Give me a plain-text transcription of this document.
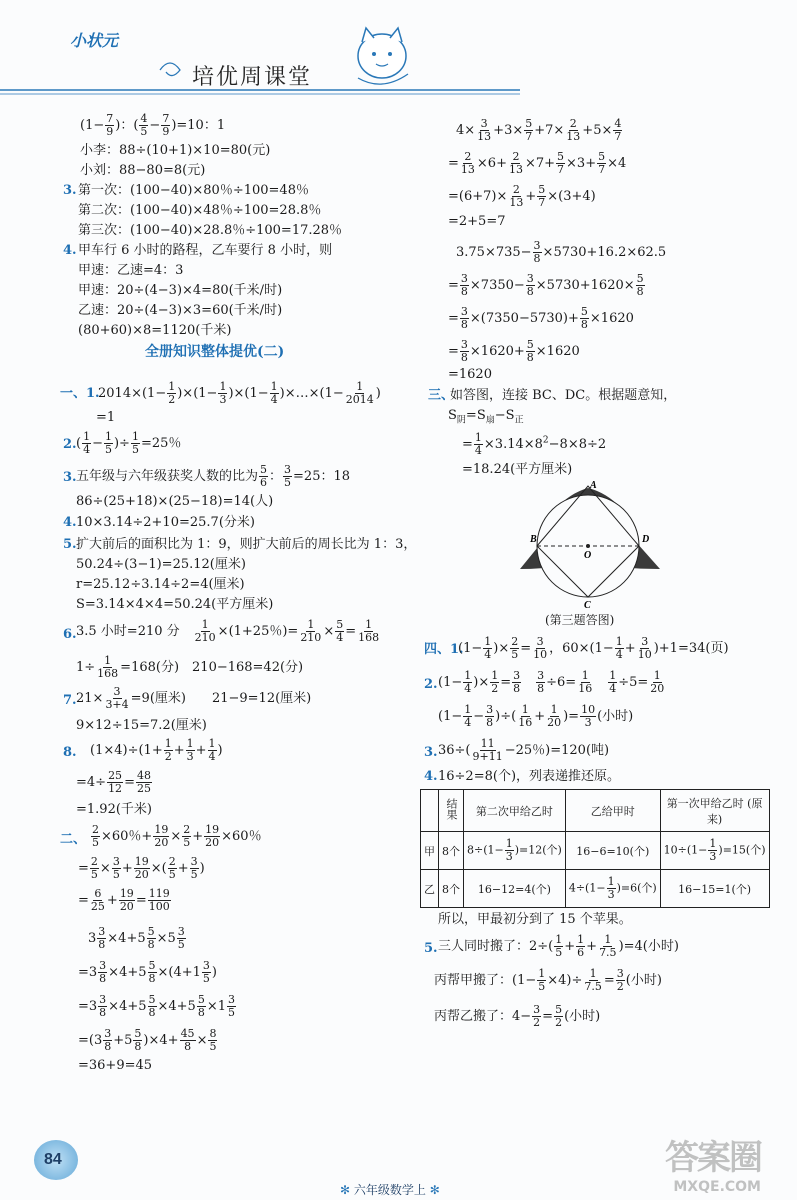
小状元
培优周课堂
($1- \frac{7}{9}$ )：( $\frac{4}{5} - \frac{7}{9} )=10$：1
小李：88÷(10+1)×10=80(元)
小刘：88−80=8(元)
3. 第一次：(100−40)×80％÷100=48％
第二次：(100−40)×48％÷100=28.8％
第三次：(100−40)×28.8％÷100=17.28％
4. 甲车行 6 小时的路程，乙车要行 8 小时，则
甲速：乙速=4：3
甲速：20÷(4−3)×4=80(千米/时)
乙速：20÷(4−3)×3=60(千米/时)
(80+60)×8=1120(千米)
全册知识整体提优(二)
一、1.
$2014\times(1- \frac{1}{2} )\times(1- \frac{1}{3} )\times(1- \frac{1}{4}$ )×…×(1− $\frac{1}{2014}$ )
=1
2. ( $\frac{1}{4} - \frac{1}{5}$ )÷ $\frac{1}{5} =25$％
3. 五年级与六年级获奖人数的比为 $\frac{5}{6}$ ： $\frac{3}{5} =25$：18
86÷(25+18)×(25−18)=14(人)
4. 10×3.14÷2+10=25.7(分米)
5. 扩大前后的面积比为 1：9，则扩大前后的周长比为 1：3，
50.24÷(3−1)=25.12(厘米)
r=25.12÷3.14÷2=4(厘米)
S=3.14×4×4=50.24(平方厘米)
6. 3.5 小时=210 分　 $\frac{1}{210} \times(1+25$％)= $\frac{1}{210} \times \frac{5}{4} = \frac{1}{168}$
$1\div \frac{1}{168} =168$(分)　210−168=42(分)
7. $21\times \frac{3}{3+4} =9$(厘米)　　21−9=12(厘米)
9×12÷15=7.2(厘米)
8. $(1\times 4)\div(1+ \frac{1}{2} + \frac{1}{3} + \frac{1}{4}$ )
$=4\div \frac{25}{12} = \frac{48}{25}$
=1.92(千米)
二、 $\frac{2}{5} \times 60$％+ $\frac{19}{20} \times \frac{2}{5} + \frac{19}{20} \times 60$％
= $\frac{2}{5} \times \frac{3}{5} + \frac{19}{20}$ ×( $\frac{2}{5} + \frac{3}{5}$ )
= $\frac{6}{25} + \frac{19}{20} = \frac{119}{100}$
$3 \frac{3}{8} \times 4+5 \frac{5}{8} \times 5 \frac{3}{5}$
$=3 \frac{3}{8} \times 4+5 \frac{5}{8} \times(4+1 \frac{3}{5}$ )
$=3 \frac{3}{8} \times 4+5 \frac{5}{8} \times 4+5 \frac{5}{8} \times 1 \frac{3}{5}$
$=(3 \frac{3}{8} +5 \frac{5}{8} )\times 4+ \frac{45}{8} \times \frac{8}{5}$
=36+9=45
$4\times \frac{3}{13} +3\times \frac{5}{7} +7\times \frac{2}{13} +5\times \frac{4}{7}$
= $\frac{2}{13} \times 6+ \frac{2}{13} \times 7+ \frac{5}{7} \times 3+ \frac{5}{7} \times 4$
$=(6+7)\times \frac{2}{13} + \frac{5}{7} \times(3+4)$
=2+5=7
$3.75\times 735- \frac{3}{8} \times 5730+16.2\times 62.5$
= $\frac{3}{8} \times 7350- \frac{3}{8} \times 5730+1620\times \frac{5}{8}$
= $\frac{3}{8} \times(7350-5730)+ \frac{5}{8} \times 1620$
= $\frac{3}{8} \times 1620+ \frac{5}{8} \times 1620$
=1620
三、
如答图，连接 BC、DC。根据题意知，
$S_阴=S_扇-S_正$
= $\frac{1}{4} \times 3.14\times 8^2-8\times 8\div 2$
=18.24(平方厘米)
A
B
O
D
C
(第三题答图)
四、1.
($1- \frac{1}{4}$ )× $\frac{2}{5} = \frac{3}{10}$ ，$60\times(1- \frac{1}{4} + \frac{3}{10} )+1=34$(页)
2. ($1- \frac{1}{4}$ )× $\frac{1}{2} = \frac{3}{8}$
　 $\frac{3}{8} \div 6= \frac{1}{16}$
　 $\frac{1}{4} \div 5= \frac{1}{20}$
($1- \frac{1}{4} - \frac{3}{8}$ )÷( $\frac{1}{16} + \frac{1}{20}$ )= $\frac{10}{3}$ (小时)
3. $36\div( \frac{11}{9+11} -25$％)=120(吨)
4. 16÷2=8(个)，列表递推还原。
	结果	第二次甲给乙时	乙给甲时	第一次甲给乙时 (原来)
甲	8个	$8\div(1- \frac{1}{3} )=12$(个)	16−6=10(个)	$10\div(1- \frac{1}{3} )=15$(个)
乙	8个	16−12=4(个)	$4\div(1- \frac{1}{3} )=6$(个)	16−15=1(个)
所以，甲最初分到了 15 个苹果。
5. 三人同时搬了：$2\div( \frac{1}{5} + \frac{1}{6} + \frac{1}{7.5} )=4$(小时)
丙帮甲搬了：$(1- \frac{1}{5} \times 4)\div \frac{1}{7.5} = \frac{3}{2}$ (小时)
丙帮乙搬了：$4- \frac{3}{2} = \frac{5}{2}$ (小时)
84
✻ 六年级数学上 ✻
答案圈
MXQE.COM
